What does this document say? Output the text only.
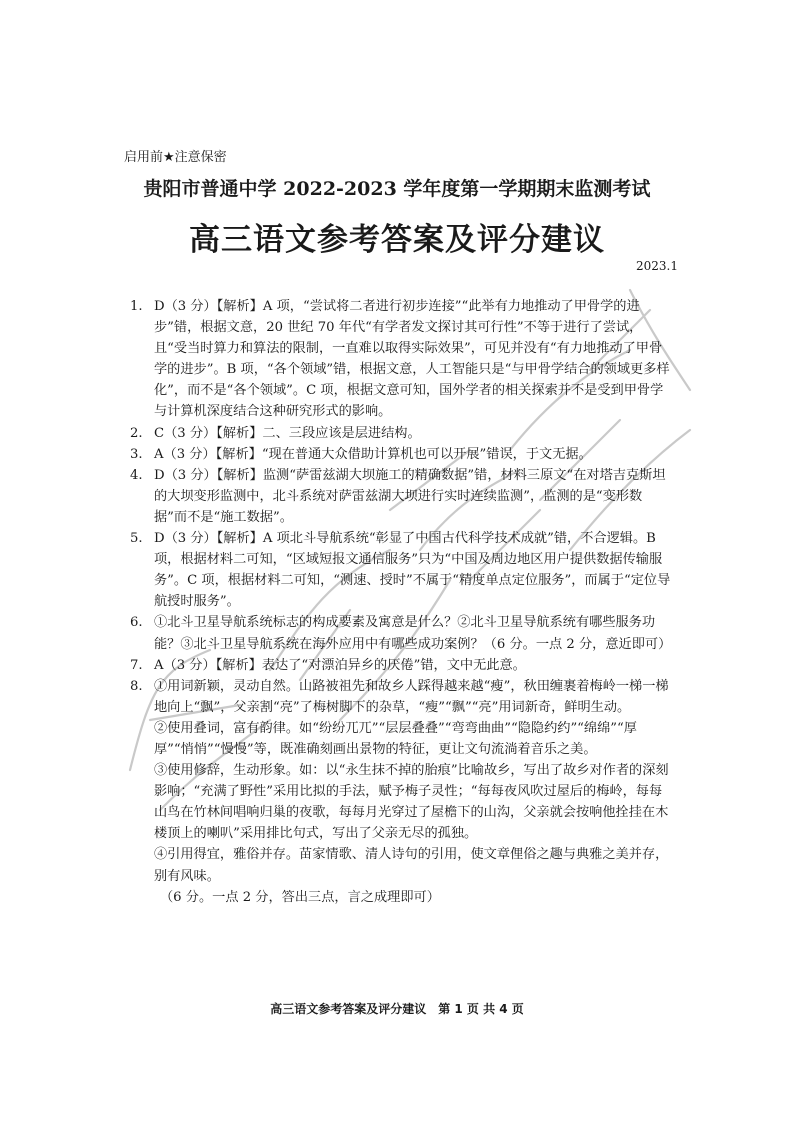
启用前★注意保密
贵阳市普通中学 2022-2023 学年度第一学期期末监测考试
高三语文参考答案及评分建议
2023.1
1. D（3 分）【解析】A 项，“尝试将二者进行初步连接”“此举有力地推动了甲骨学的进步”错，根据文意，20 世纪 70 年代“有学者发文探讨其可行性”不等于进行了尝试，且“受当时算力和算法的限制，一直难以取得实际效果”，可见并没有“有力地推动了甲骨学的进步”。B 项，“各个领域”错，根据文意，人工智能只是“与甲骨学结合的领域更多样化”，而不是“各个领域”。C 项，根据文意可知，国外学者的相关探索并不是受到甲骨学与计算机深度结合这种研究形式的影响。
2. C（3 分）【解析】二、三段应该是层进结构。
3. A（3 分）【解析】“现在普通大众借助计算机也可以开展”错误，于文无据。
4. D（3 分）【解析】监测“萨雷兹湖大坝施工的精确数据”错，材料三原文“在对塔吉克斯坦的大坝变形监测中，北斗系统对萨雷兹湖大坝进行实时连续监测”，监测的是“变形数据”而不是“施工数据”。
5. D（3 分）【解析】A 项北斗导航系统“彰显了中国古代科学技术成就”错，不合逻辑。B 项，根据材料二可知，“区域短报文通信服务”只为“中国及周边地区用户提供数据传输服务”。C 项，根据材料二可知，“测速、授时”不属于“精度单点定位服务”，而属于“定位导航授时服务”。
6. ①北斗卫星导航系统标志的构成要素及寓意是什么？②北斗卫星导航系统有哪些服务功能？③北斗卫星导航系统在海外应用中有哪些成功案例？（6 分。一点 2 分，意近即可）
7. A（3 分）【解析】表达了“对漂泊异乡的厌倦”错，文中无此意。
8. ①用词新颖，灵动自然。山路被祖先和故乡人踩得越来越“瘦”，秋田缠裹着梅岭一梯一梯地向上“飘”，父亲割“亮”了梅树脚下的杂草，“瘦”“飘”“亮”用词新奇，鲜明生动。
②使用叠词，富有韵律。如“纷纷兀兀”“层层叠叠”“弯弯曲曲”“隐隐约约”“绵绵”“厚厚”“悄悄”“慢慢”等，既准确刻画出景物的特征，更让文句流淌着音乐之美。
③使用修辞，生动形象。如：以“永生抹不掉的胎痕”比喻故乡，写出了故乡对作者的深刻影响；“充满了野性”采用比拟的手法，赋予梅子灵性；“每每夜风吹过屋后的梅岭，每每山鸟在竹林间唱响归巢的夜歌，每每月光穿过了屋檐下的山沟，父亲就会按响他拴挂在木楼顶上的喇叭”采用排比句式，写出了父亲无尽的孤独。
④引用得宜，雅俗并存。苗家情歌、清人诗句的引用，使文章俚俗之趣与典雅之美并存，别有风味。
（6 分。一点 2 分，答出三点，言之成理即可）
高三语文参考答案及评分建议　第 1 页 共 4 页
